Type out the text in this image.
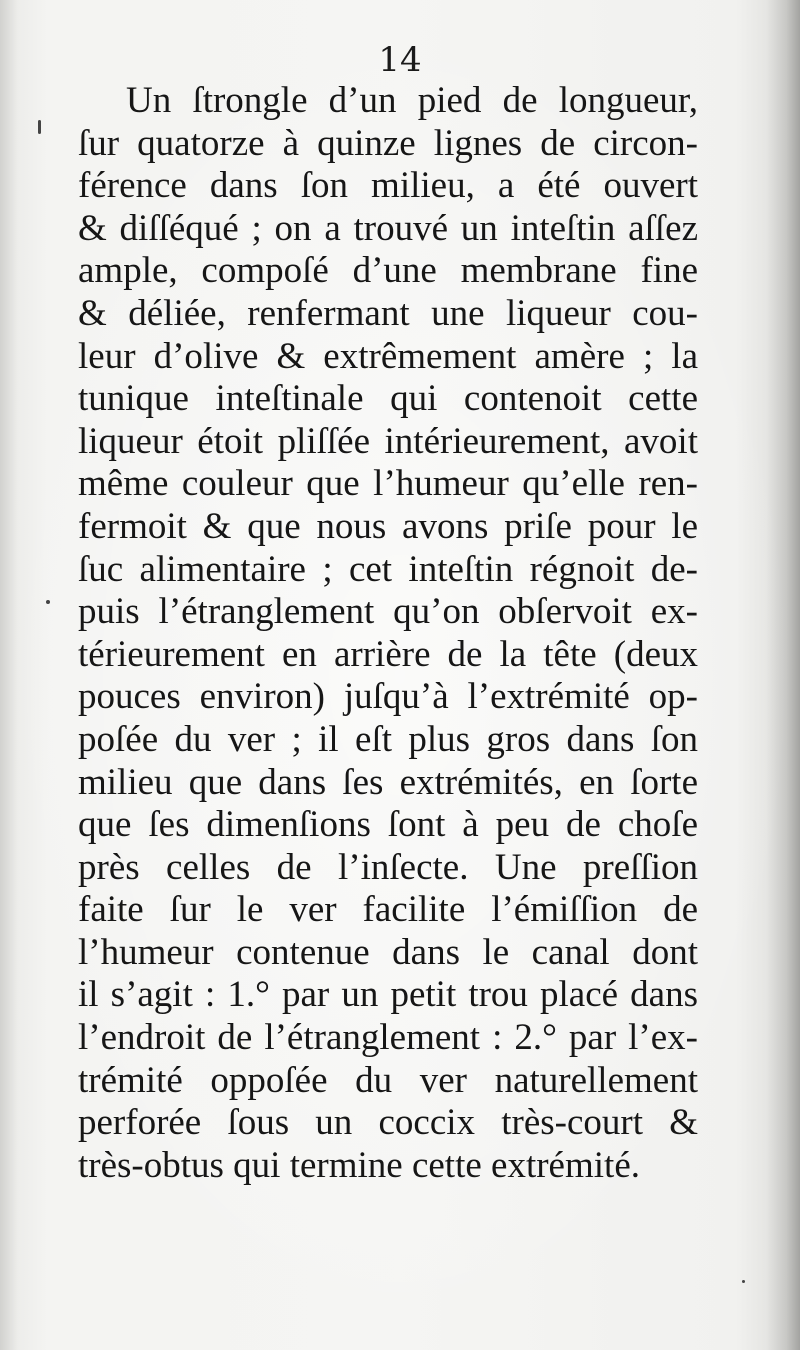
14
Un ſtrongle d’un pied de longueur,
ſur quatorze à quinze lignes de circon-
férence dans ſon milieu, a été ouvert
& diſſéqué ; on a trouvé un inteſtin aſſez
ample, compoſé d’une membrane fine
& déliée, renfermant une liqueur cou-
leur d’olive & extrêmement amère ; la
tunique inteſtinale qui contenoit cette
liqueur étoit pliſſée intérieurement, avoit
même couleur que l’humeur qu’elle ren-
fermoit & que nous avons priſe pour le
ſuc alimentaire ; cet inteſtin régnoit de-
puis l’étranglement qu’on obſervoit ex-
térieurement en arrière de la tête (deux
pouces environ) juſqu’à l’extrémité op-
poſée du ver ; il eſt plus gros dans ſon
milieu que dans ſes extrémités, en ſorte
que ſes dimenſions ſont à peu de choſe
près celles de l’inſecte. Une preſſion
faite ſur le ver facilite l’émiſſion de
l’humeur contenue dans le canal dont
il s’agit : 1.° par un petit trou placé dans
l’endroit de l’étranglement : 2.° par l’ex-
trémité oppoſée du ver naturellement
perforée ſous un coccix très-court &
très-obtus qui termine cette extrémité.
